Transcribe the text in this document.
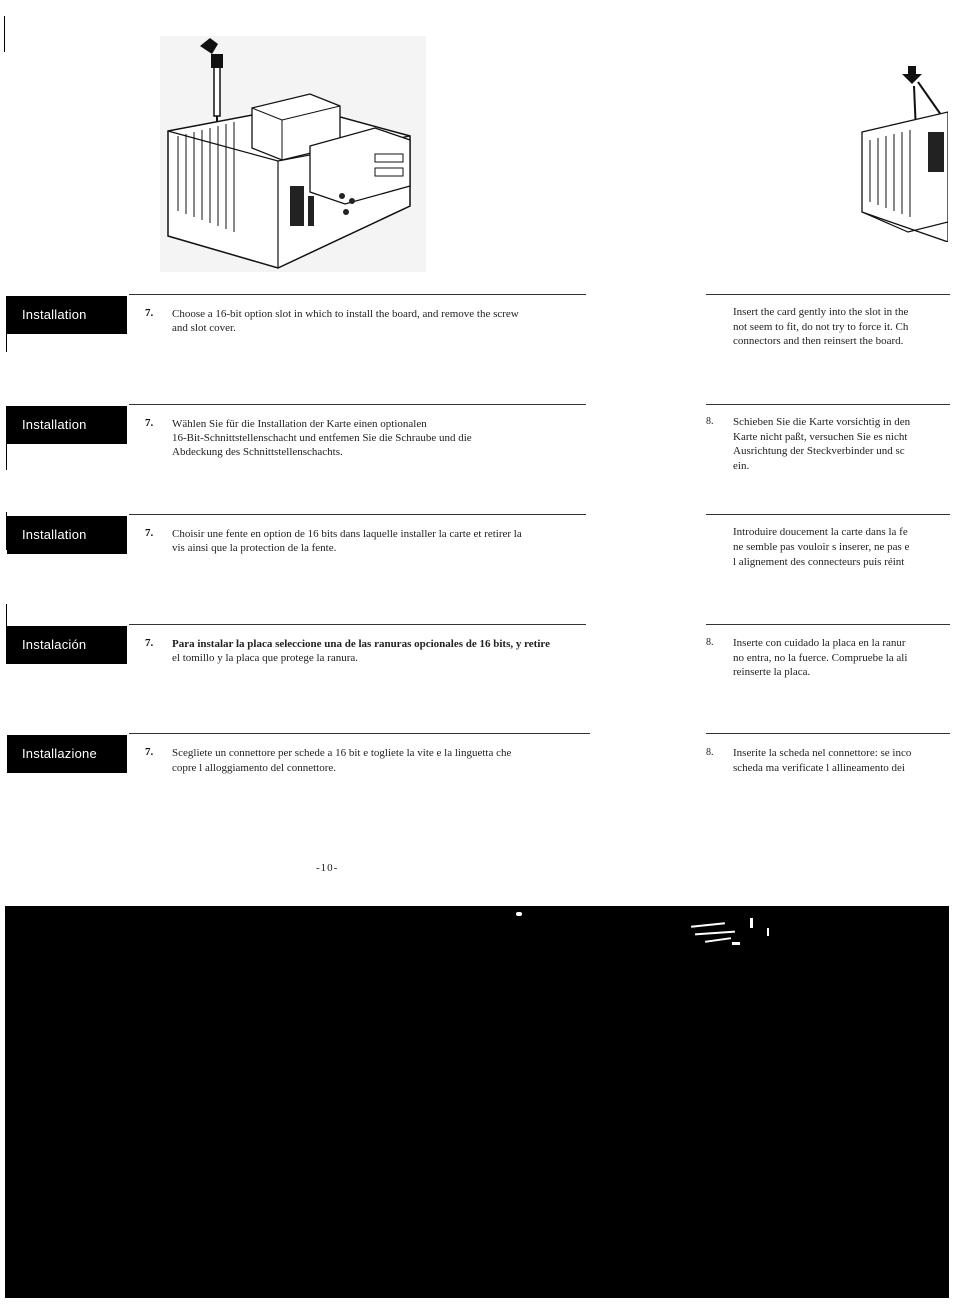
Installation	7. Choose a 16-bit option slot in which to install the board, and remove the screw
and slot cover.
Insert the card gently into the slot in the
not seem to fit, do not try to force it. Ch
connectors and then reinsert the board.
Installation	7. Wählen Sie für die Installation der Karte einen optionalen
16-Bit-Schnittstellenschacht und entfemen Sie die Schraube und die
Abdeckung des Schnittstellenschachts.
8. Schieben Sie die Karte vorsichtig in den
Karte nicht paßt, versuchen Sie es nicht
Ausrichtung der Steckverbinder und sc
ein.
Installation	7. Choisir une fente en option de 16 bits dans laquelle installer la carte et retirer la
vis ainsi que la protection de la fente.
Introduire doucement la carte dans la fe
ne semble pas vouloir s inserer, ne pas e
l alignement des connecteurs puis réint
Instalación	7. Para instalar la placa seleccione una de las ranuras opcionales de 16 bits, y retire
el tomillo y la placa que protege la ranura.
8. Inserte con cuidado la placa en la ranur
no entra, no la fuerce. Compruebe la ali
reinserte la placa.
Installazione	7. Scegliete un connettore per schede a 16 bit e togliete la vite e la linguetta che
copre l alloggiamento del connettore.
8. Inserite la scheda nel connettore: se inco
scheda ma verificate l allineamento dei
-10-
